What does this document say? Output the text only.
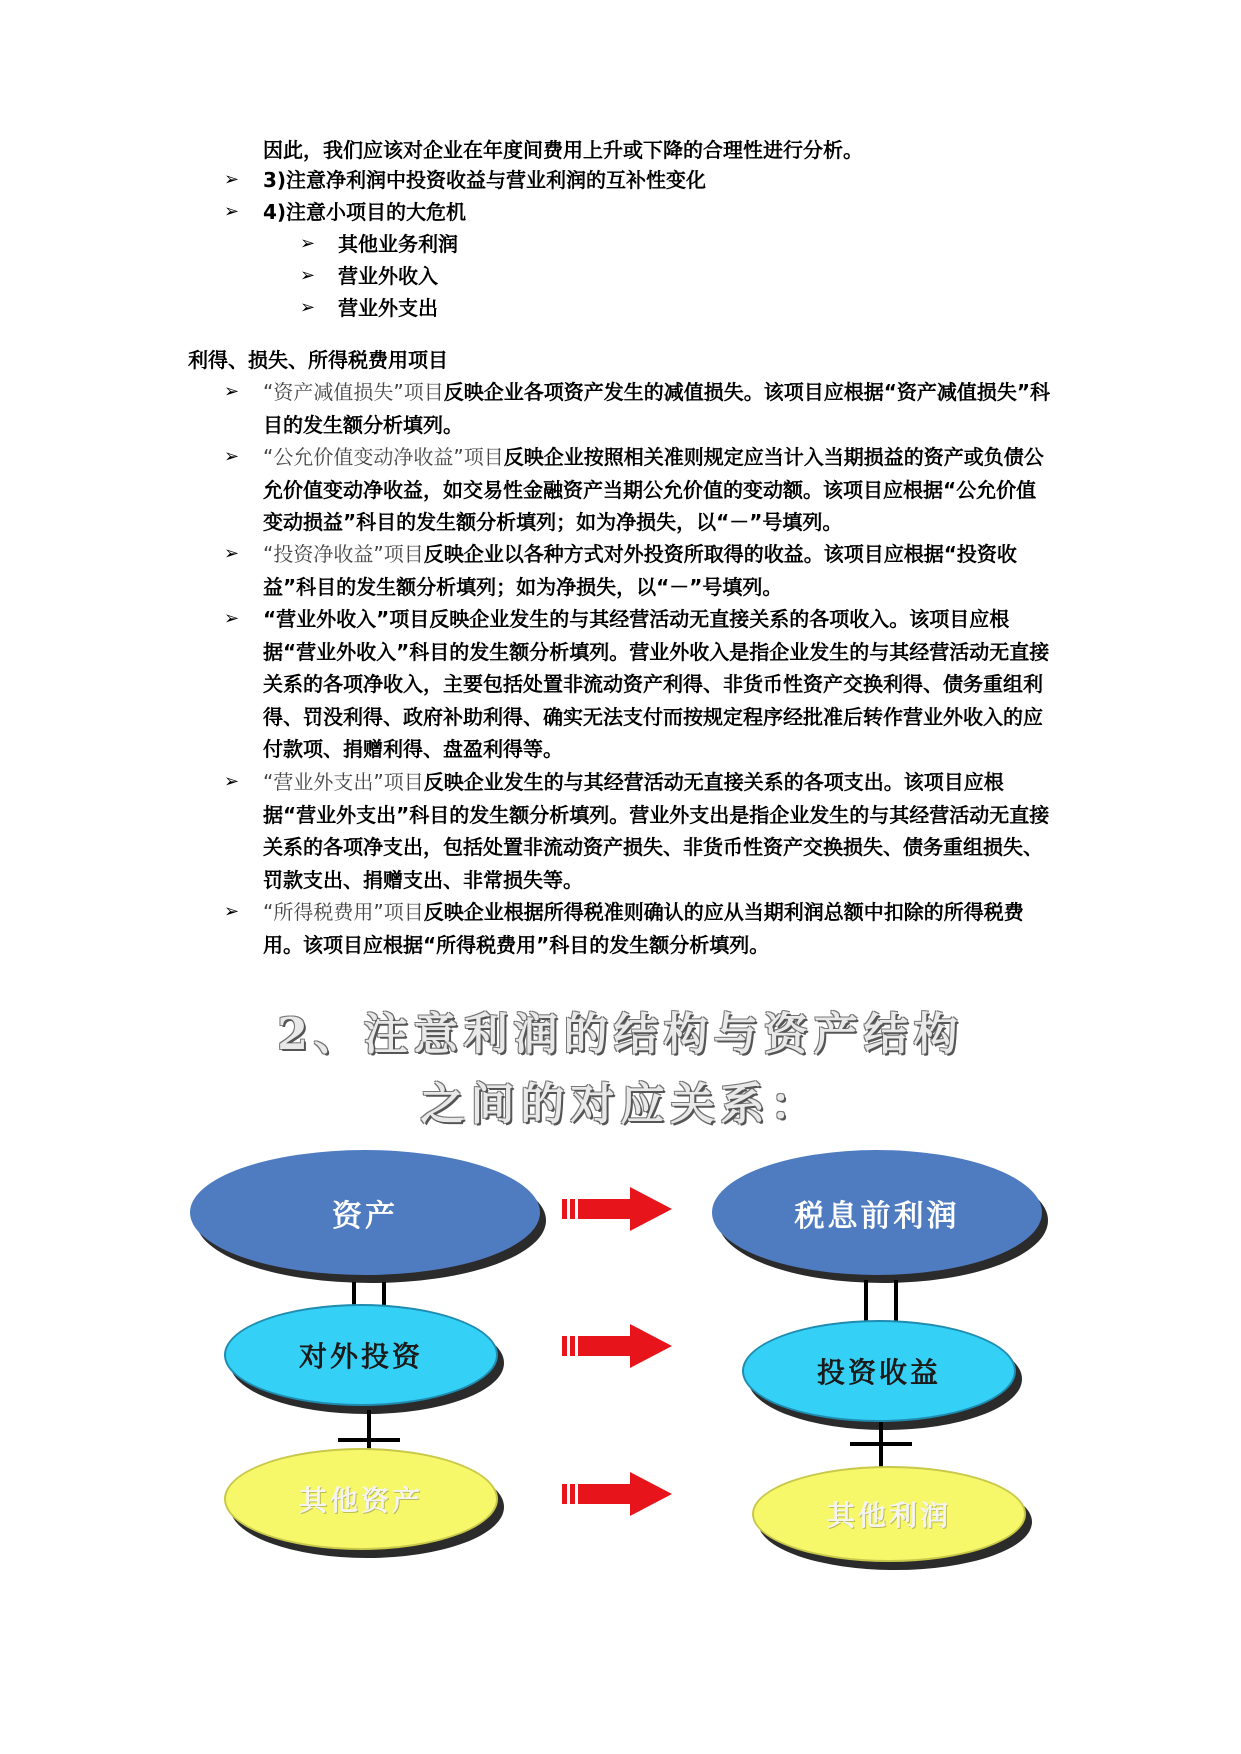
因此，我们应该对企业在年度间费用上升或下降的合理性进行分析。
➢ 3)注意净利润中投资收益与营业利润的互补性变化
➢ 4)注意小项目的大危机
➢ 其他业务利润
➢ 营业外收入
➢ 营业外支出
利得、损失、所得税费用项目
➢ “资产减值损失”项目反映企业各项资产发生的减值损失。该项目应根据“资产减值损失”科目的发生额分析填列。
➢ “公允价值变动净收益”项目反映企业按照相关准则规定应当计入当期损益的资产或负债公允价值变动净收益，如交易性金融资产当期公允价值的变动额。该项目应根据“公允价值变动损益”科目的发生额分析填列；如为净损失，以“－”号填列。
➢ “投资净收益”项目反映企业以各种方式对外投资所取得的收益。该项目应根据“投资收益”科目的发生额分析填列；如为净损失，以“－”号填列。
➢ “营业外收入”项目反映企业发生的与其经营活动无直接关系的各项收入。该项目应根据“营业外收入”科目的发生额分析填列。营业外收入是指企业发生的与其经营活动无直接关系的各项净收入，主要包括处置非流动资产利得、非货币性资产交换利得、债务重组利得、罚没利得、政府补助利得、确实无法支付而按规定程序经批准后转作营业外收入的应付款项、捐赠利得、盘盈利得等。
➢ “营业外支出”项目反映企业发生的与其经营活动无直接关系的各项支出。该项目应根据“营业外支出”科目的发生额分析填列。营业外支出是指企业发生的与其经营活动无直接关系的各项净支出，包括处置非流动资产损失、非货币性资产交换损失、债务重组损失、罚款支出、捐赠支出、非常损失等。
➢ “所得税费用”项目反映企业根据所得税准则确认的应从当期利润总额中扣除的所得税费用。该项目应根据“所得税费用”科目的发生额分析填列。
2、注意利润的结构与资产结构
之间的对应关系：
资产
对外投资
其他资产
税息前利润
投资收益
其他利润
